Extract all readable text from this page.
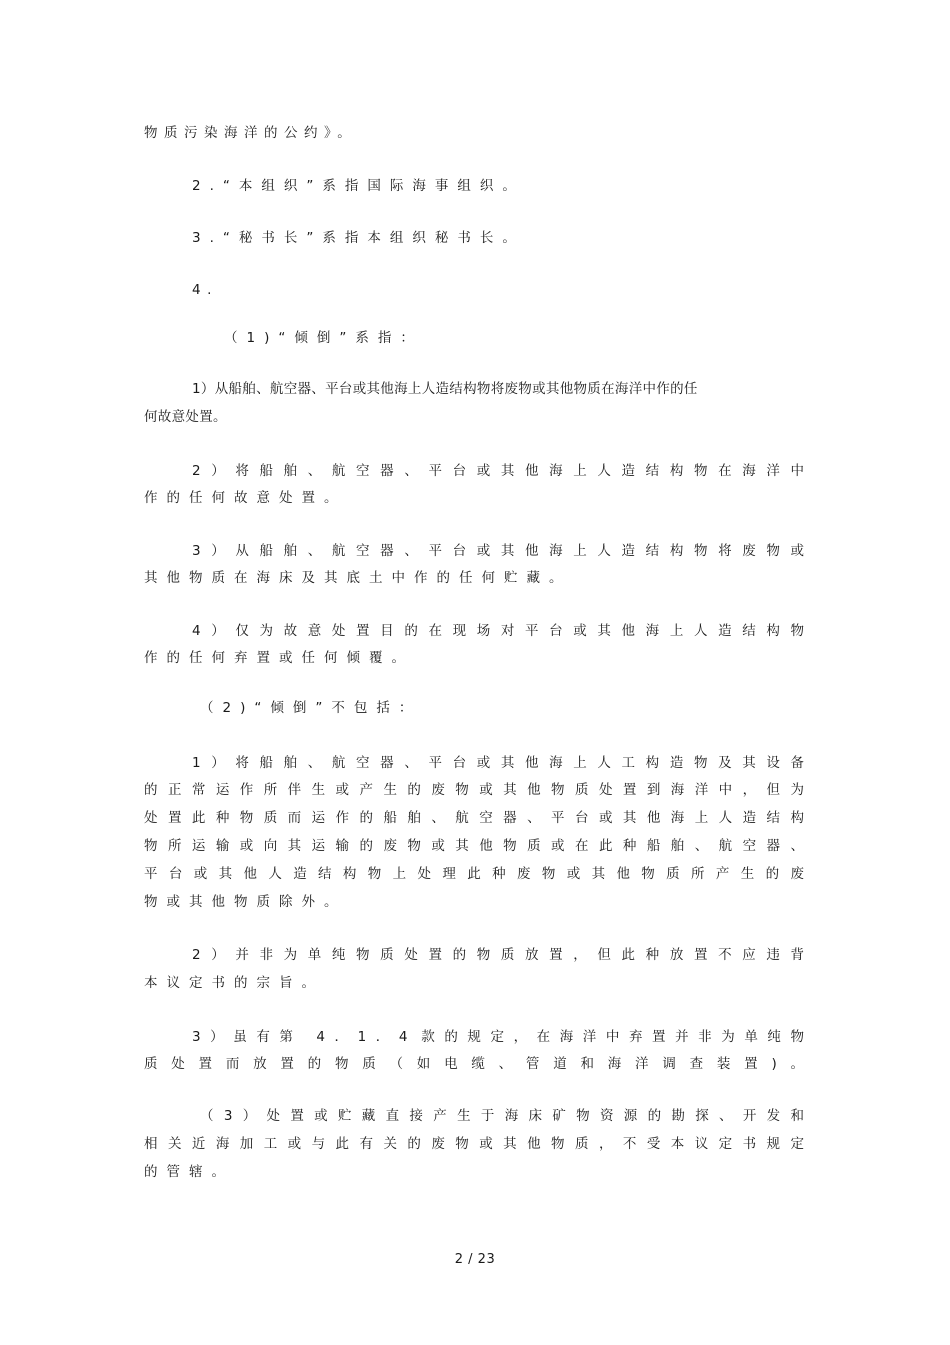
物质污染海洋的公约》。

2.“本组织”系指国际海事组织。

3.“秘书长”系指本组织秘书长。

4.

（1)“倾倒”系指：

1）从船舶、航空器、平台或其他海上人造结构物将废物或其他物质在海洋中作的任

何故意处置。

2）将船舶、航空器、平台或其他海上人造结构物在海洋中

作的任何故意处置。

3）从船舶、航空器、平台或其他海上人造结构物将废物或

其他物质在海床及其底土中作的任何贮藏。

4）仅为故意处置目的在现场对平台或其他海上人造结构物

作的任何弃置或任何倾覆。

（2)“倾倒”不包括：

1）将船舶、航空器、平台或其他海上人工构造物及其设备

的正常运作所伴生或产生的废物或其他物质处置到海洋中，但为

处置此种物质而运作的船舶、航空器、平台或其他海上人造结构

物所运输或向其运输的废物或其他物质或在此种船舶、航空器、

平台或其他人造结构物上处理此种废物或其他物质所产生的废

物或其他物质除外。

2）并非为单纯物质处置的物质放置，但此种放置不应违背

本议定书的宗旨。

3）虽有第 4．1．4 款的规定，在海洋中弃置并非为单纯物

质处置而放置的物质（如电缆、管道和海洋调查装置)。

（3）处置或贮藏直接产生于海床矿物资源的勘探、开发和

相关近海加工或与此有关的废物或其他物质，不受本议定书规定

的管辖。

2 / 23
